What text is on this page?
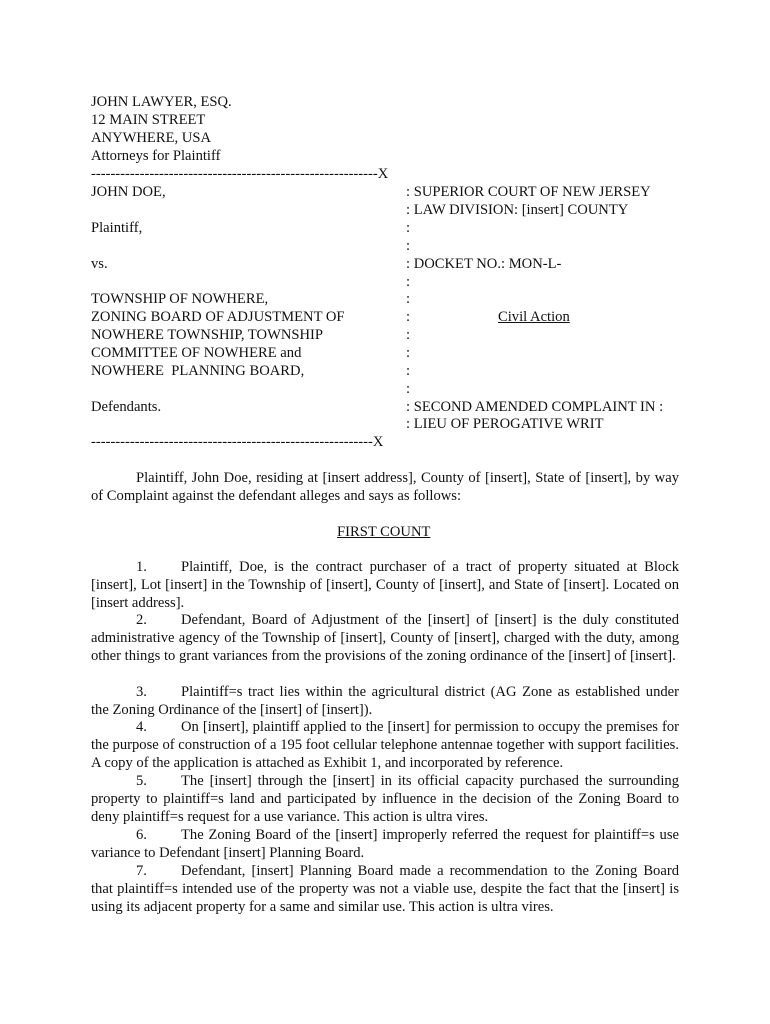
JOHN LAWYER, ESQ.
12 MAIN STREET
ANYWHERE, USA
Attorneys for Plaintiff
-----------------------------------------------------------X
JOHN DOE,
Plaintiff,
vs.
TOWNSHIP OF NOWHERE,
ZONING BOARD OF ADJUSTMENT OF
NOWHERE TOWNSHIP, TOWNSHIP
COMMITTEE OF NOWHERE and
NOWHERE  PLANNING BOARD,
Defendants.
----------------------------------------------------------X
: SUPERIOR COURT OF NEW JERSEY
: LAW DIVISION: [insert] COUNTY
:
:
: DOCKET NO.: MON-L-
:
:
:	Civil Action
:
:
:
:
: SECOND AMENDED COMPLAINT IN :
: LIEU OF PEROGATIVE WRIT
Plaintiff, John Doe, residing at [insert address], County of [insert], State of [insert], by way of Complaint against the defendant alleges and says as follows:
FIRST COUNT
1. Plaintiff, Doe, is the contract purchaser of a tract of property situated at Block [insert], Lot [insert] in the Township of [insert], County of [insert], and State of [insert]. Located on [insert address].
2. Defendant, Board of Adjustment of the [insert] of [insert] is the duly constituted administrative agency of the Township of [insert], County of [insert], charged with the duty, among other things to grant variances from the provisions of the zoning ordinance of the [insert] of [insert].
3. Plaintiff=s tract lies within the agricultural district (AG Zone as established under the Zoning Ordinance of the [insert] of [insert]).
4. On [insert], plaintiff applied to the [insert] for permission to occupy the premises for the purpose of construction of a 195 foot cellular telephone antennae together with support facilities. A copy of the application is attached as Exhibit 1, and incorporated by reference.
5. The [insert] through the [insert] in its official capacity purchased the surrounding property to plaintiff=s land and participated by influence in the decision of the Zoning Board to deny plaintiff=s request for a use variance. This action is ultra vires.
6. The Zoning Board of the [insert] improperly referred the request for plaintiff=s use variance to Defendant [insert] Planning Board.
7. Defendant, [insert] Planning Board made a recommendation to the Zoning Board that plaintiff=s intended use of the property was not a viable use, despite the fact that the [insert] is using its adjacent property for a same and similar use. This action is ultra vires.
